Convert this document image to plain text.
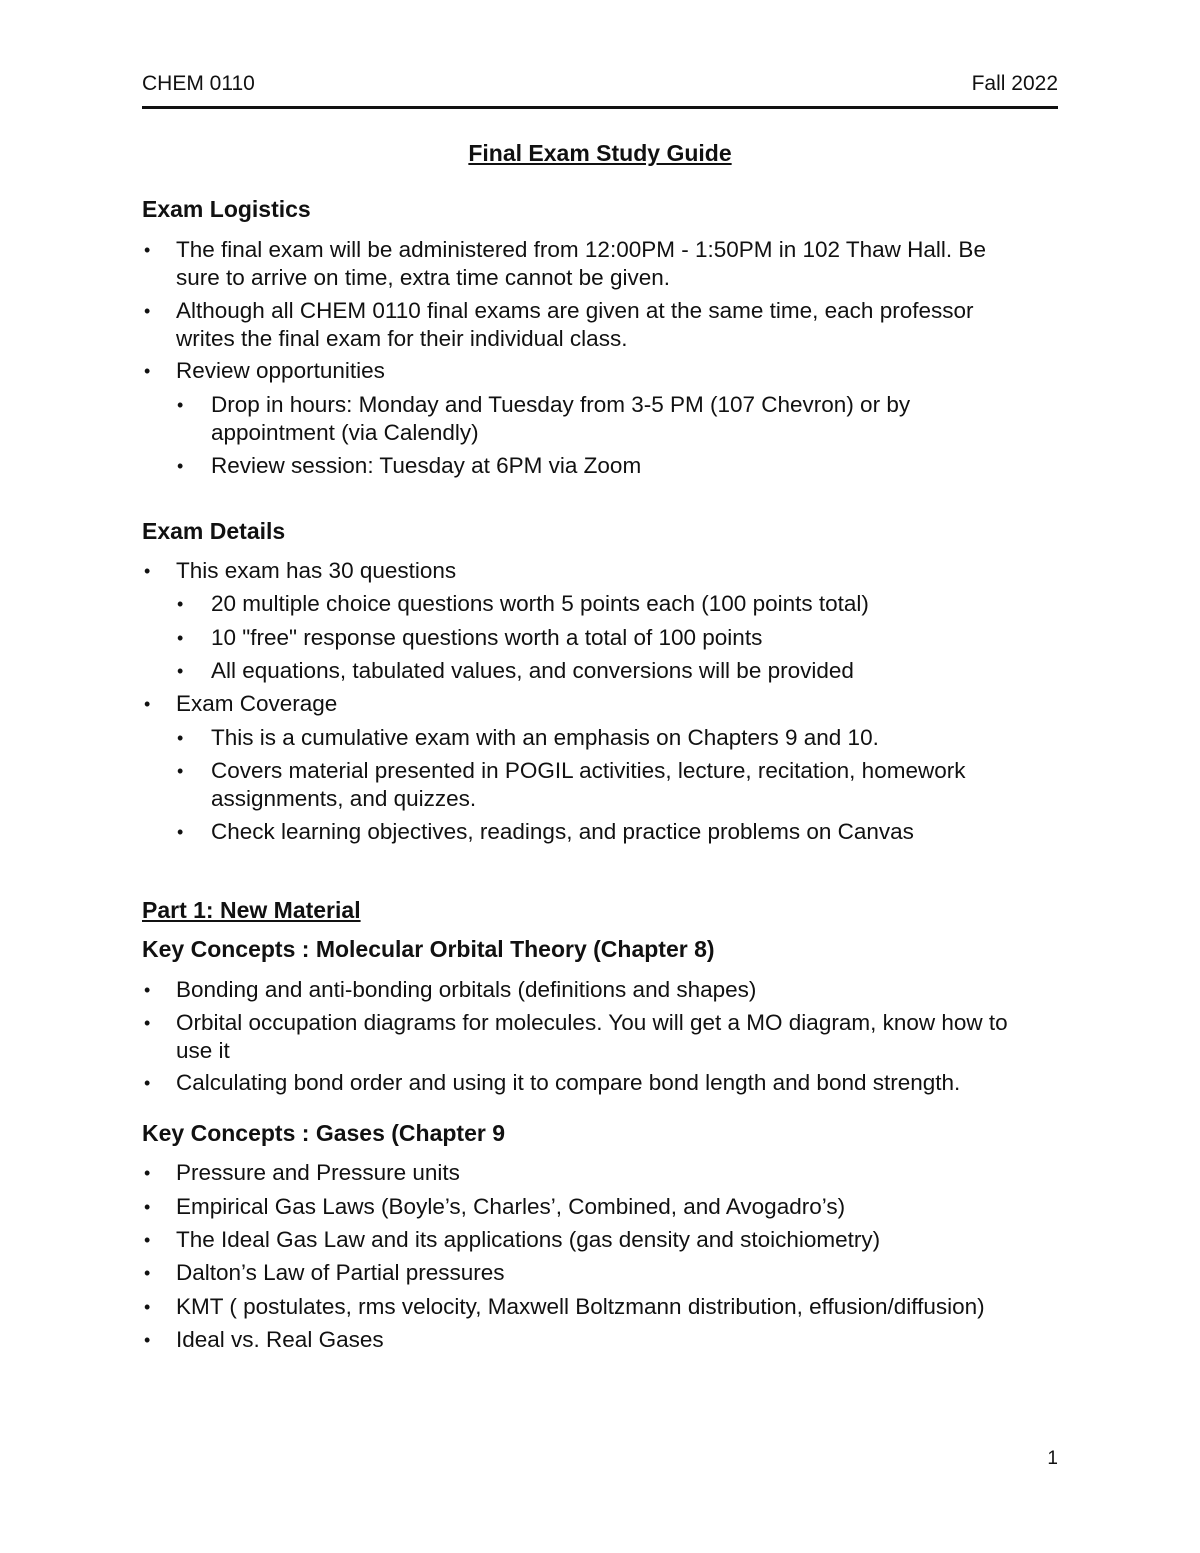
CHEM 0110	Fall 2022
Final Exam Study Guide
Exam Logistics
• The final exam will be administered from 12:00PM - 1:50PM in 102 Thaw Hall. Be
sure to arrive on time, extra time cannot be given.
• Although all CHEM 0110 final exams are given at the same time, each professor
writes the final exam for their individual class.
• Review opportunities
• Drop in hours: Monday and Tuesday from 3-5 PM (107 Chevron) or by
appointment (via Calendly)
• Review session: Tuesday at 6PM via Zoom
Exam Details
• This exam has 30 questions
• 20 multiple choice questions worth 5 points each (100 points total)
• 10 "free" response questions worth a total of 100 points
• All equations, tabulated values, and conversions will be provided
• Exam Coverage
• This is a cumulative exam with an emphasis on Chapters 9 and 10.
• Covers material presented in POGIL activities, lecture, recitation, homework
assignments, and quizzes.
• Check learning objectives, readings, and practice problems on Canvas
Part 1: New Material
Key Concepts : Molecular Orbital Theory (Chapter 8)
• Bonding and anti-bonding orbitals (definitions and shapes)
• Orbital occupation diagrams for molecules. You will get a MO diagram, know how to
use it
• Calculating bond order and using it to compare bond length and bond strength.
Key Concepts : Gases (Chapter 9
• Pressure and Pressure units
• Empirical Gas Laws (Boyle’s, Charles’, Combined, and Avogadro’s)
• The Ideal Gas Law and its applications (gas density and stoichiometry)
• Dalton’s Law of Partial pressures
• KMT ( postulates, rms velocity, Maxwell Boltzmann distribution, effusion/diffusion)
• Ideal vs. Real Gases
1
